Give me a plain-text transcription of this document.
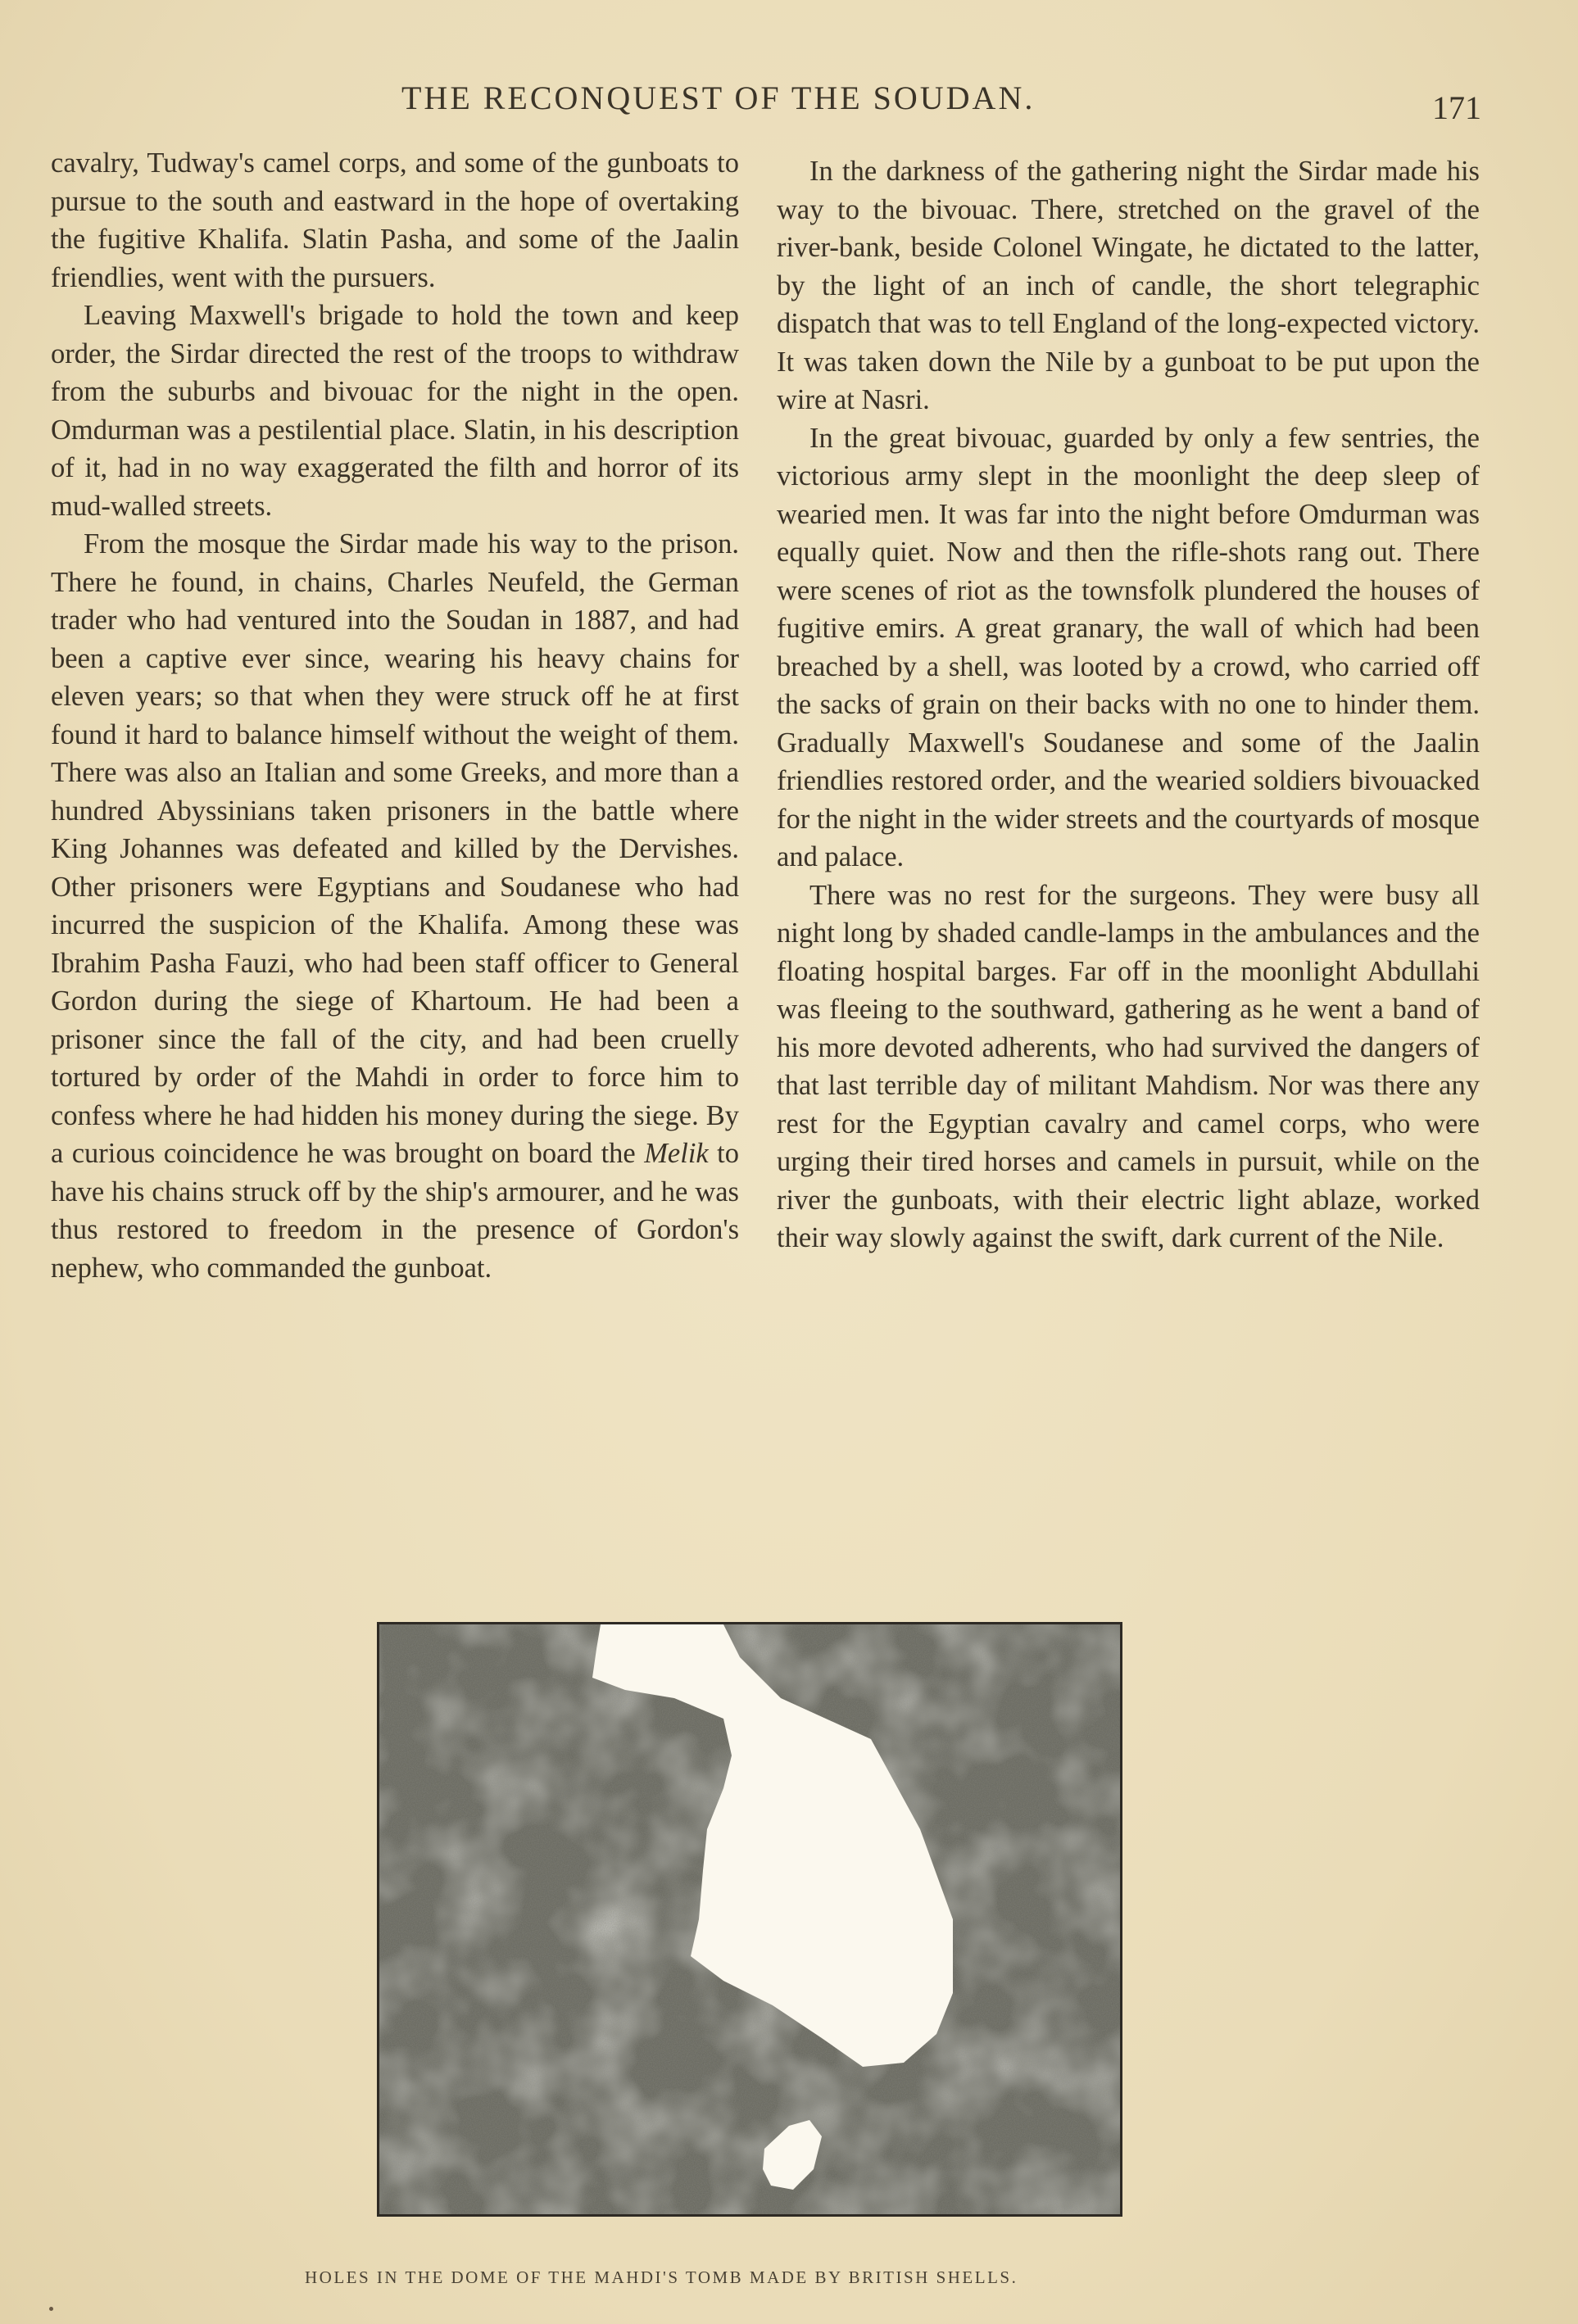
THE RECONQUEST OF THE SOUDAN.	171

cavalry, Tudway's camel corps, and some of the gunboats to pursue to the south and eastward in the hope of overtaking the fugitive Khalifa. Slatin Pasha, and some of the Jaalin friendlies, went with the pursuers.

Leaving Maxwell's brigade to hold the town and keep order, the Sirdar directed the rest of the troops to withdraw from the suburbs and bivouac for the night in the open. Omdurman was a pestilential place. Slatin, in his description of it, had in no way exaggerated the filth and horror of its mud-walled streets.

From the mosque the Sirdar made his way to the prison. There he found, in chains, Charles Neufeld, the German trader who had ventured into the Soudan in 1887, and had been a captive ever since, wearing his heavy chains for eleven years; so that when they were struck off he at first found it hard to balance himself without the weight of them. There was also an Italian and some Greeks, and more than a hundred Abyssinians taken prisoners in the battle where King Johannes was defeated and killed by the Dervishes. Other prisoners were Egyptians and Soudanese who had incurred the suspicion of the Khalifa. Among these was Ibrahim Pasha Fauzi, who had been staff officer to General Gordon during the siege of Khartoum. He had been a prisoner since the fall of the city, and had been cruelly tortured by order of the Mahdi in order to force him to confess where he had hidden his money during the siege. By a curious coincidence he was brought on board the Melik to have his chains struck off by the ship's armourer, and he was thus restored to freedom in the presence of Gordon's nephew, who commanded the gunboat.

In the darkness of the gathering night the Sirdar made his way to the bivouac. There, stretched on the gravel of the river-bank, beside Colonel Wingate, he dictated to the latter, by the light of an inch of candle, the short telegraphic dispatch that was to tell England of the long-expected victory. It was taken down the Nile by a gunboat to be put upon the wire at Nasri.

In the great bivouac, guarded by only a few sentries, the victorious army slept in the moonlight the deep sleep of wearied men. It was far into the night before Omdurman was equally quiet. Now and then the rifle-shots rang out. There were scenes of riot as the townsfolk plundered the houses of fugitive emirs. A great granary, the wall of which had been breached by a shell, was looted by a crowd, who carried off the sacks of grain on their backs with no one to hinder them. Gradually Maxwell's Soudanese and some of the Jaalin friendlies restored order, and the wearied soldiers bivouacked for the night in the wider streets and the courtyards of mosque and palace.

There was no rest for the surgeons. They were busy all night long by shaded candle-lamps in the ambulances and the floating hospital barges. Far off in the moonlight Abdullahi was fleeing to the southward, gathering as he went a band of his more devoted adherents, who had survived the dangers of that last terrible day of militant Mahdism. Nor was there any rest for the Egyptian cavalry and camel corps, who were urging their tired horses and camels in pursuit, while on the river the gunboats, with their electric light ablaze, worked their way slowly against the swift, dark current of the Nile.

HOLES IN THE DOME OF THE MAHDI'S TOMB MADE BY BRITISH SHELLS.
